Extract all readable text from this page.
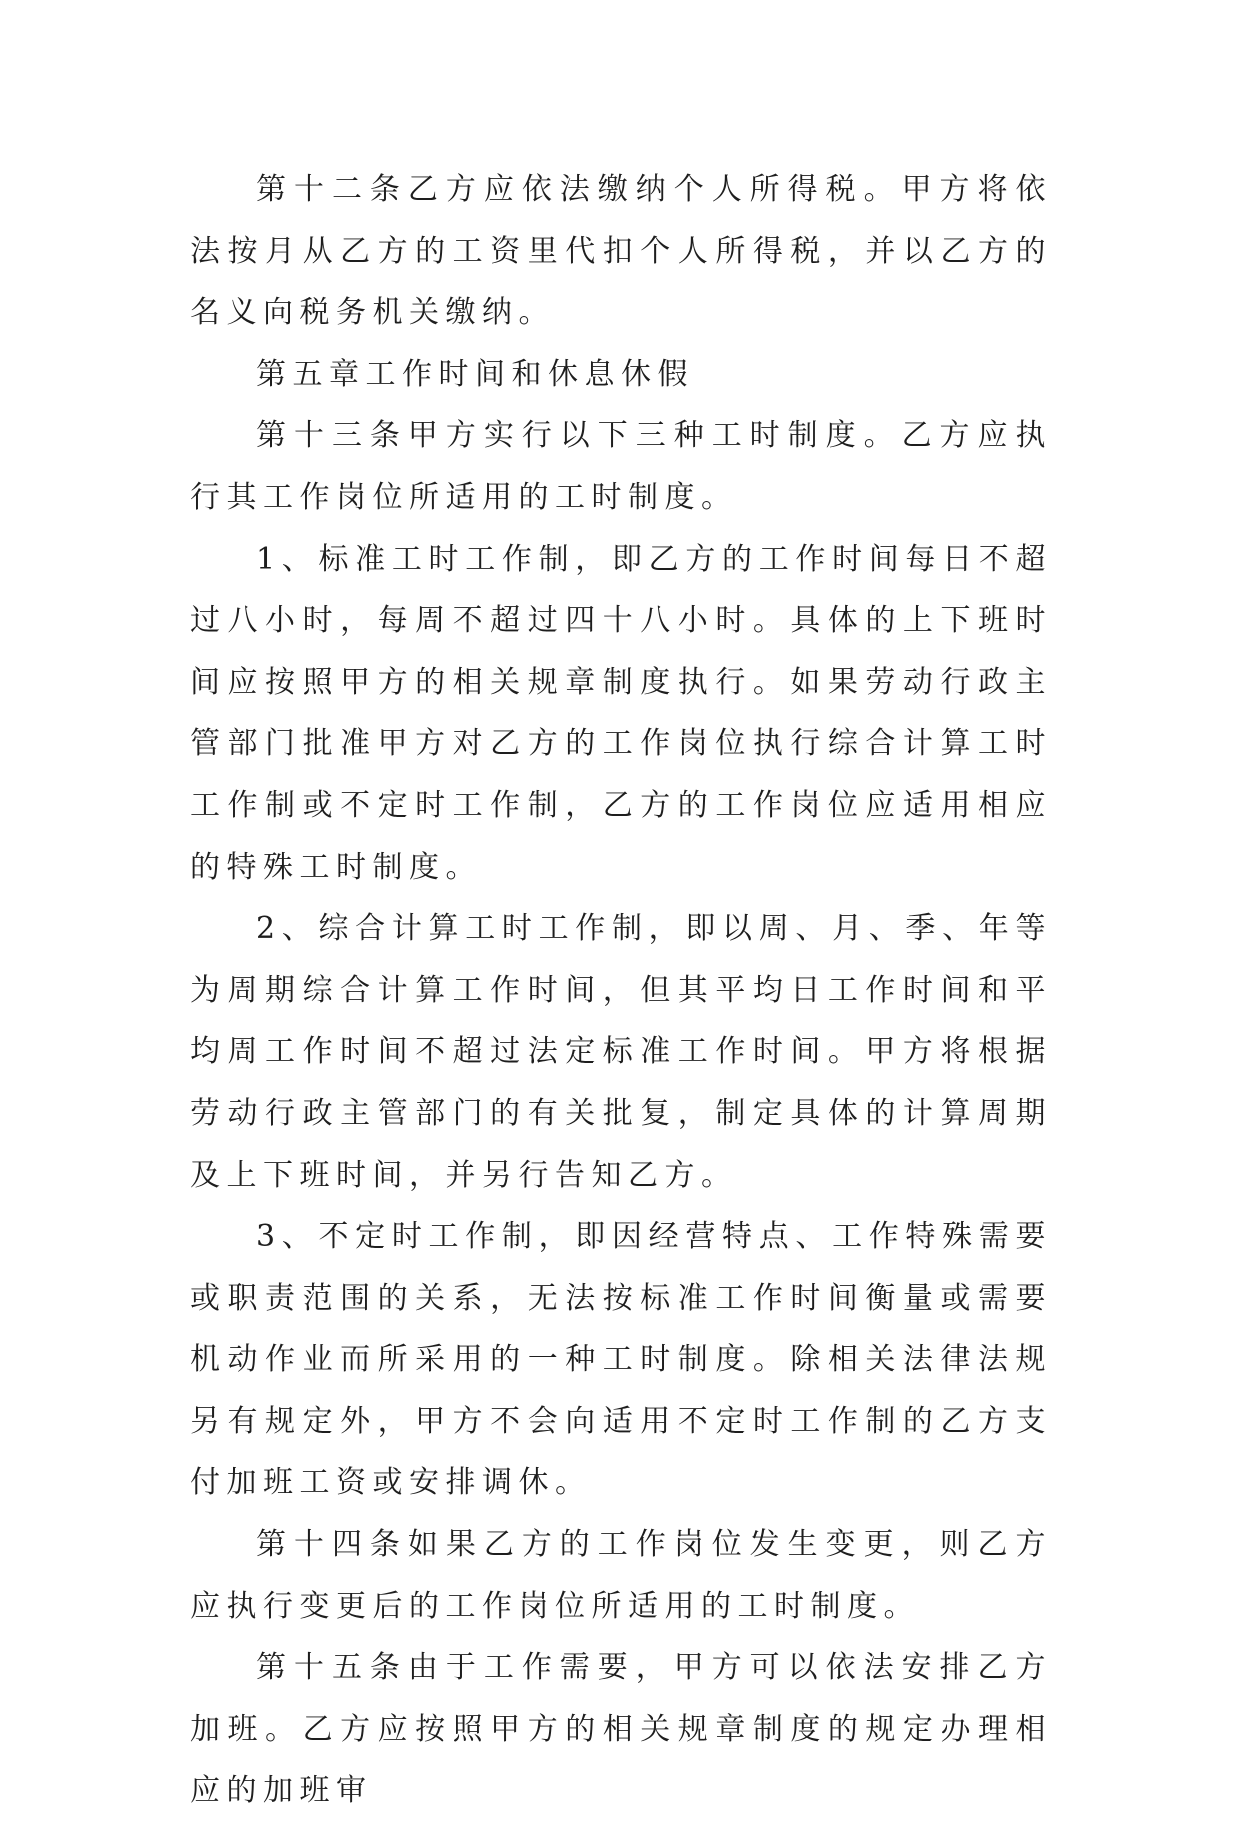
第十二条乙方应依法缴纳个人所得税。甲方将依法按月从乙方的工资里代扣个人所得税，并以乙方的名义向税务机关缴纳。

第五章工作时间和休息休假

第十三条甲方实行以下三种工时制度。乙方应执行其工作岗位所适用的工时制度。

1、标准工时工作制，即乙方的工作时间每日不超过八小时，每周不超过四十八小时。具体的上下班时间应按照甲方的相关规章制度执行。如果劳动行政主管部门批准甲方对乙方的工作岗位执行综合计算工时工作制或不定时工作制，乙方的工作岗位应适用相应的特殊工时制度。

2、综合计算工时工作制，即以周、月、季、年等为周期综合计算工作时间，但其平均日工作时间和平均周工作时间不超过法定标准工作时间。甲方将根据劳动行政主管部门的有关批复，制定具体的计算周期及上下班时间，并另行告知乙方。

3、不定时工作制，即因经营特点、工作特殊需要或职责范围的关系，无法按标准工作时间衡量或需要机动作业而所采用的一种工时制度。除相关法律法规另有规定外，甲方不会向适用不定时工作制的乙方支付加班工资或安排调休。

第十四条如果乙方的工作岗位发生变更，则乙方应执行变更后的工作岗位所适用的工时制度。

第十五条由于工作需要，甲方可以依法安排乙方加班。乙方应按照甲方的相关规章制度的规定办理相应的加班审
